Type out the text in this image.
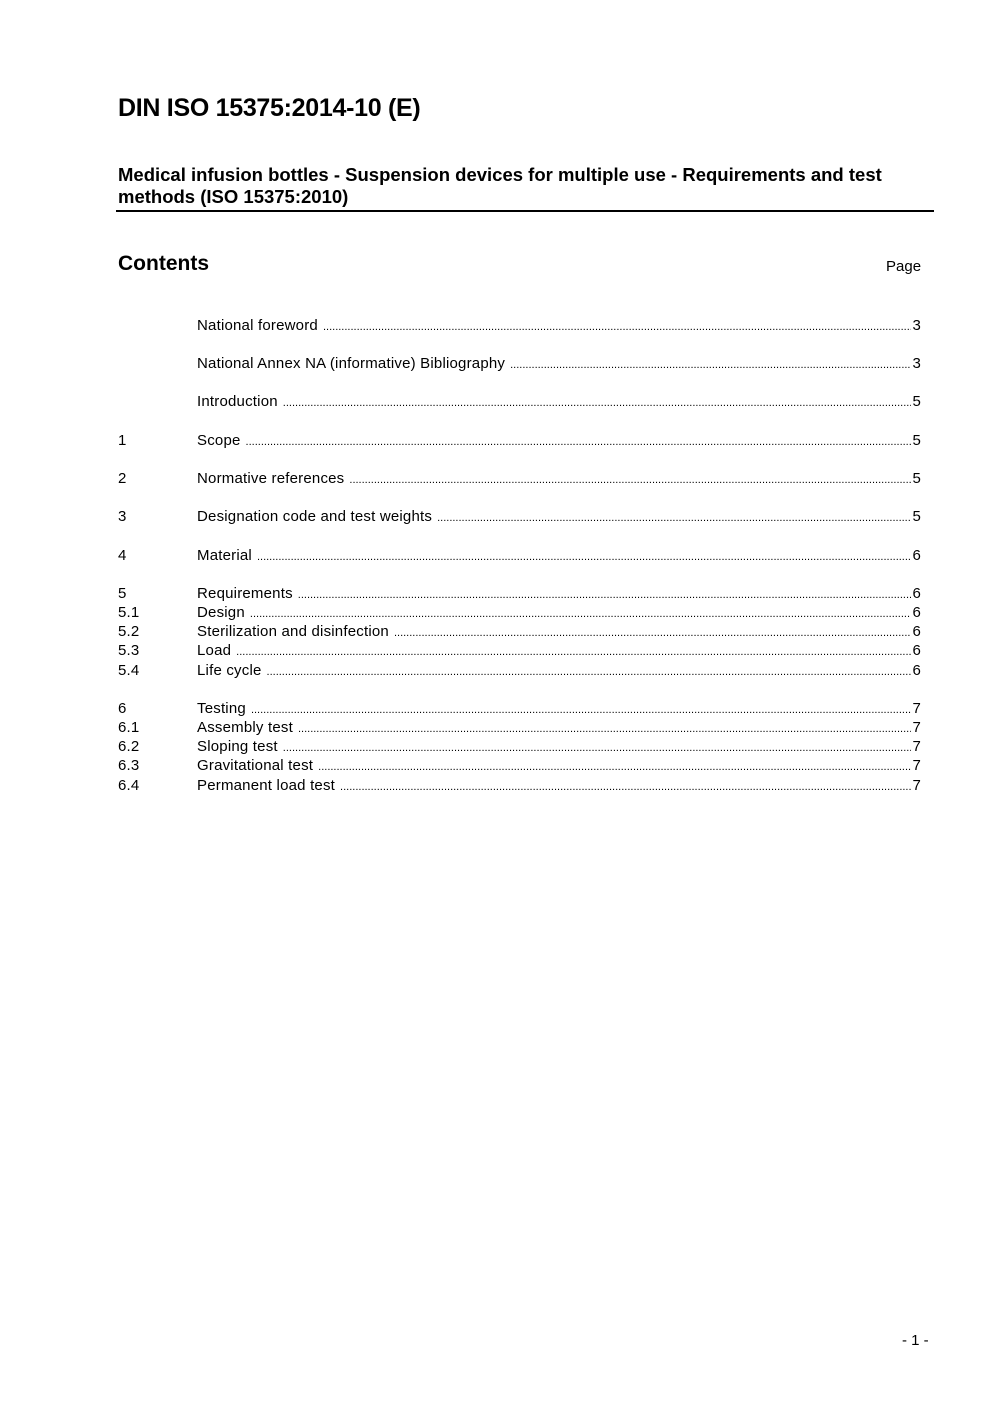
DIN ISO 15375:2014-10 (E)
Medical infusion bottles - Suspension devices for multiple use - Requirements and test methods (ISO 15375:2010)
Contents	Page
National foreword .....	3
National Annex NA (informative) Bibliography .....	3
Introduction .....	5
1	Scope .....	5
2	Normative references .....	5
3	Designation code and test weights .....	5
4	Material .....	6
5	Requirements .....	6
5.1	Design .....	6
5.2	Sterilization and disinfection .....	6
5.3	Load .....	6
5.4	Life cycle .....	6
6	Testing .....	7
6.1	Assembly test .....	7
6.2	Sloping test .....	7
6.3	Gravitational test .....	7
6.4	Permanent load test .....	7
- 1 -
